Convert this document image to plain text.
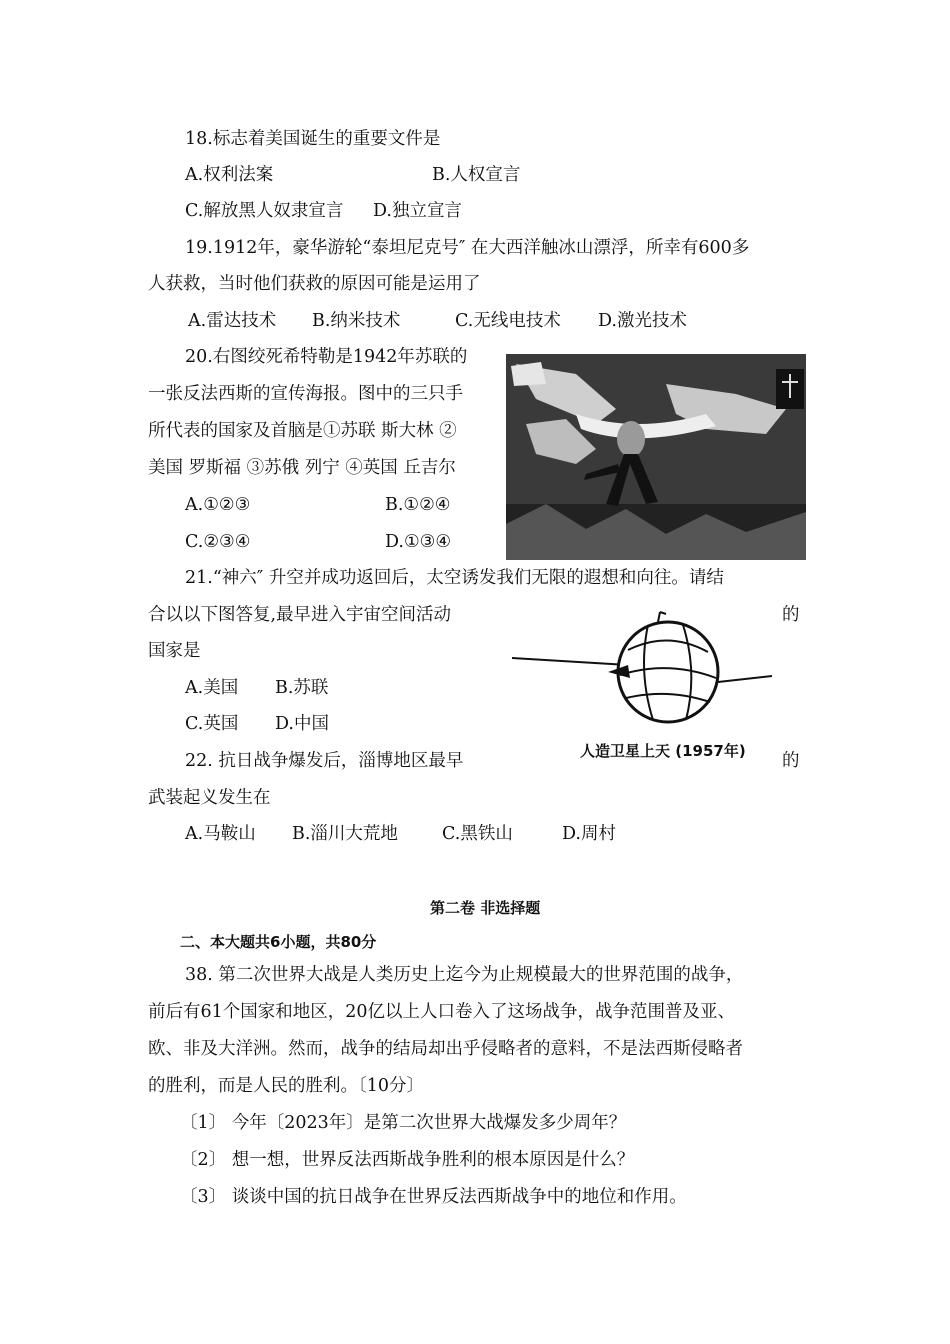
18.标志着美国诞生的重要文件是
A.权利法案	B.人权宣言
C.解放黑人奴隶宣言 D.独立宣言
19.1912年，豪华游轮“泰坦尼克号″ 在大西洋触冰山漂浮，所幸有600多
人获救，当时他们获救的原因可能是运用了
A.雷达技术 B.纳米技术	C.无线电技术 D.激光技术
20.右图绞死希特勒是1942年苏联的
一张反法西斯的宣传海报。图中的三只手
所代表的国家及首脑是①苏联 斯大林 ②
美国 罗斯福 ③苏俄 列宁 ④英国 丘吉尔
A.①②③	B.①②④
C.②③④	D.①③④
21.“神六″ 升空并成功返回后，太空诱发我们无限的遐想和向往。请结
合以以下图答复,最早进入宇宙空间活动	的
国家是
A.美国 B.苏联
C.英国 D.中国
人造卫星上天 (1957年)
22. 抗日战争爆发后，淄博地区最早	的
武装起义发生在
A.马鞍山 B.淄川大荒地	C.黑铁山	D.周村
第二卷 非选择题
二、本大题共6小题，共80分
38. 第二次世界大战是人类历史上迄今为止规模最大的世界范围的战争，
前后有61个国家和地区，20亿以上人口卷入了这场战争，战争范围普及亚、
欧、非及大洋洲。然而，战争的结局却出乎侵略者的意料，不是法西斯侵略者
的胜利，而是人民的胜利。〔10分〕
〔1〕 今年〔2023年〕是第二次世界大战爆发多少周年？
〔2〕 想一想，世界反法西斯战争胜利的根本原因是什么？
〔3〕 谈谈中国的抗日战争在世界反法西斯战争中的地位和作用。
